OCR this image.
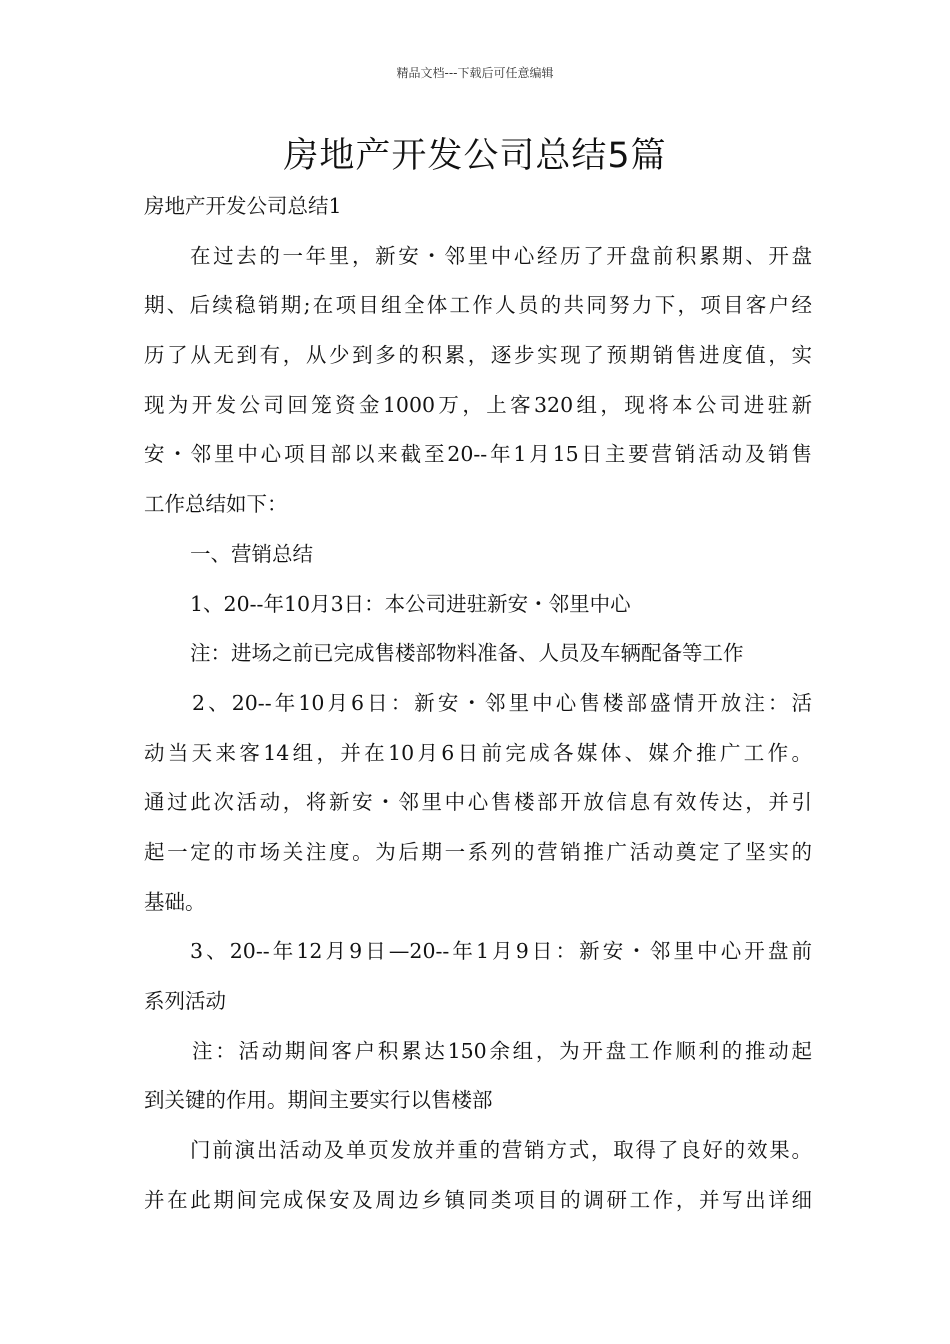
精品文档---下载后可任意编辑
房地产开发公司总结5篇
房地产开发公司总结1
在过去的一年里，新安・邻里中心经历了开盘前积累期、开盘
期、后续稳销期;在项目组全体工作人员的共同努力下，项目客户经
历了从无到有，从少到多的积累，逐步实现了预期销售进度值，实
现为开发公司回笼资金1000万，上客320组，现将本公司进驻新
安・邻里中心项目部以来截至20--年1月15日主要营销活动及销售
工作总结如下：
一、营销总结
1、20--年10月3日：本公司进驻新安・邻里中心
注：进场之前已完成售楼部物料准备、人员及车辆配备等工作
2、20--年10月6日：新安・邻里中心售楼部盛情开放注：活
动当天来客14组，并在10月6日前完成各媒体、媒介推广工作。
通过此次活动，将新安・邻里中心售楼部开放信息有效传达，并引
起一定的市场关注度。为后期一系列的营销推广活动奠定了坚实的
基础。
3、20--年12月9日—20--年1月9日：新安・邻里中心开盘前
系列活动
注：活动期间客户积累达150余组，为开盘工作顺利的推动起
到关键的作用。期间主要实行以售楼部
门前演出活动及单页发放并重的营销方式，取得了良好的效果。
并在此期间完成保安及周边乡镇同类项目的调研工作，并写出详细
